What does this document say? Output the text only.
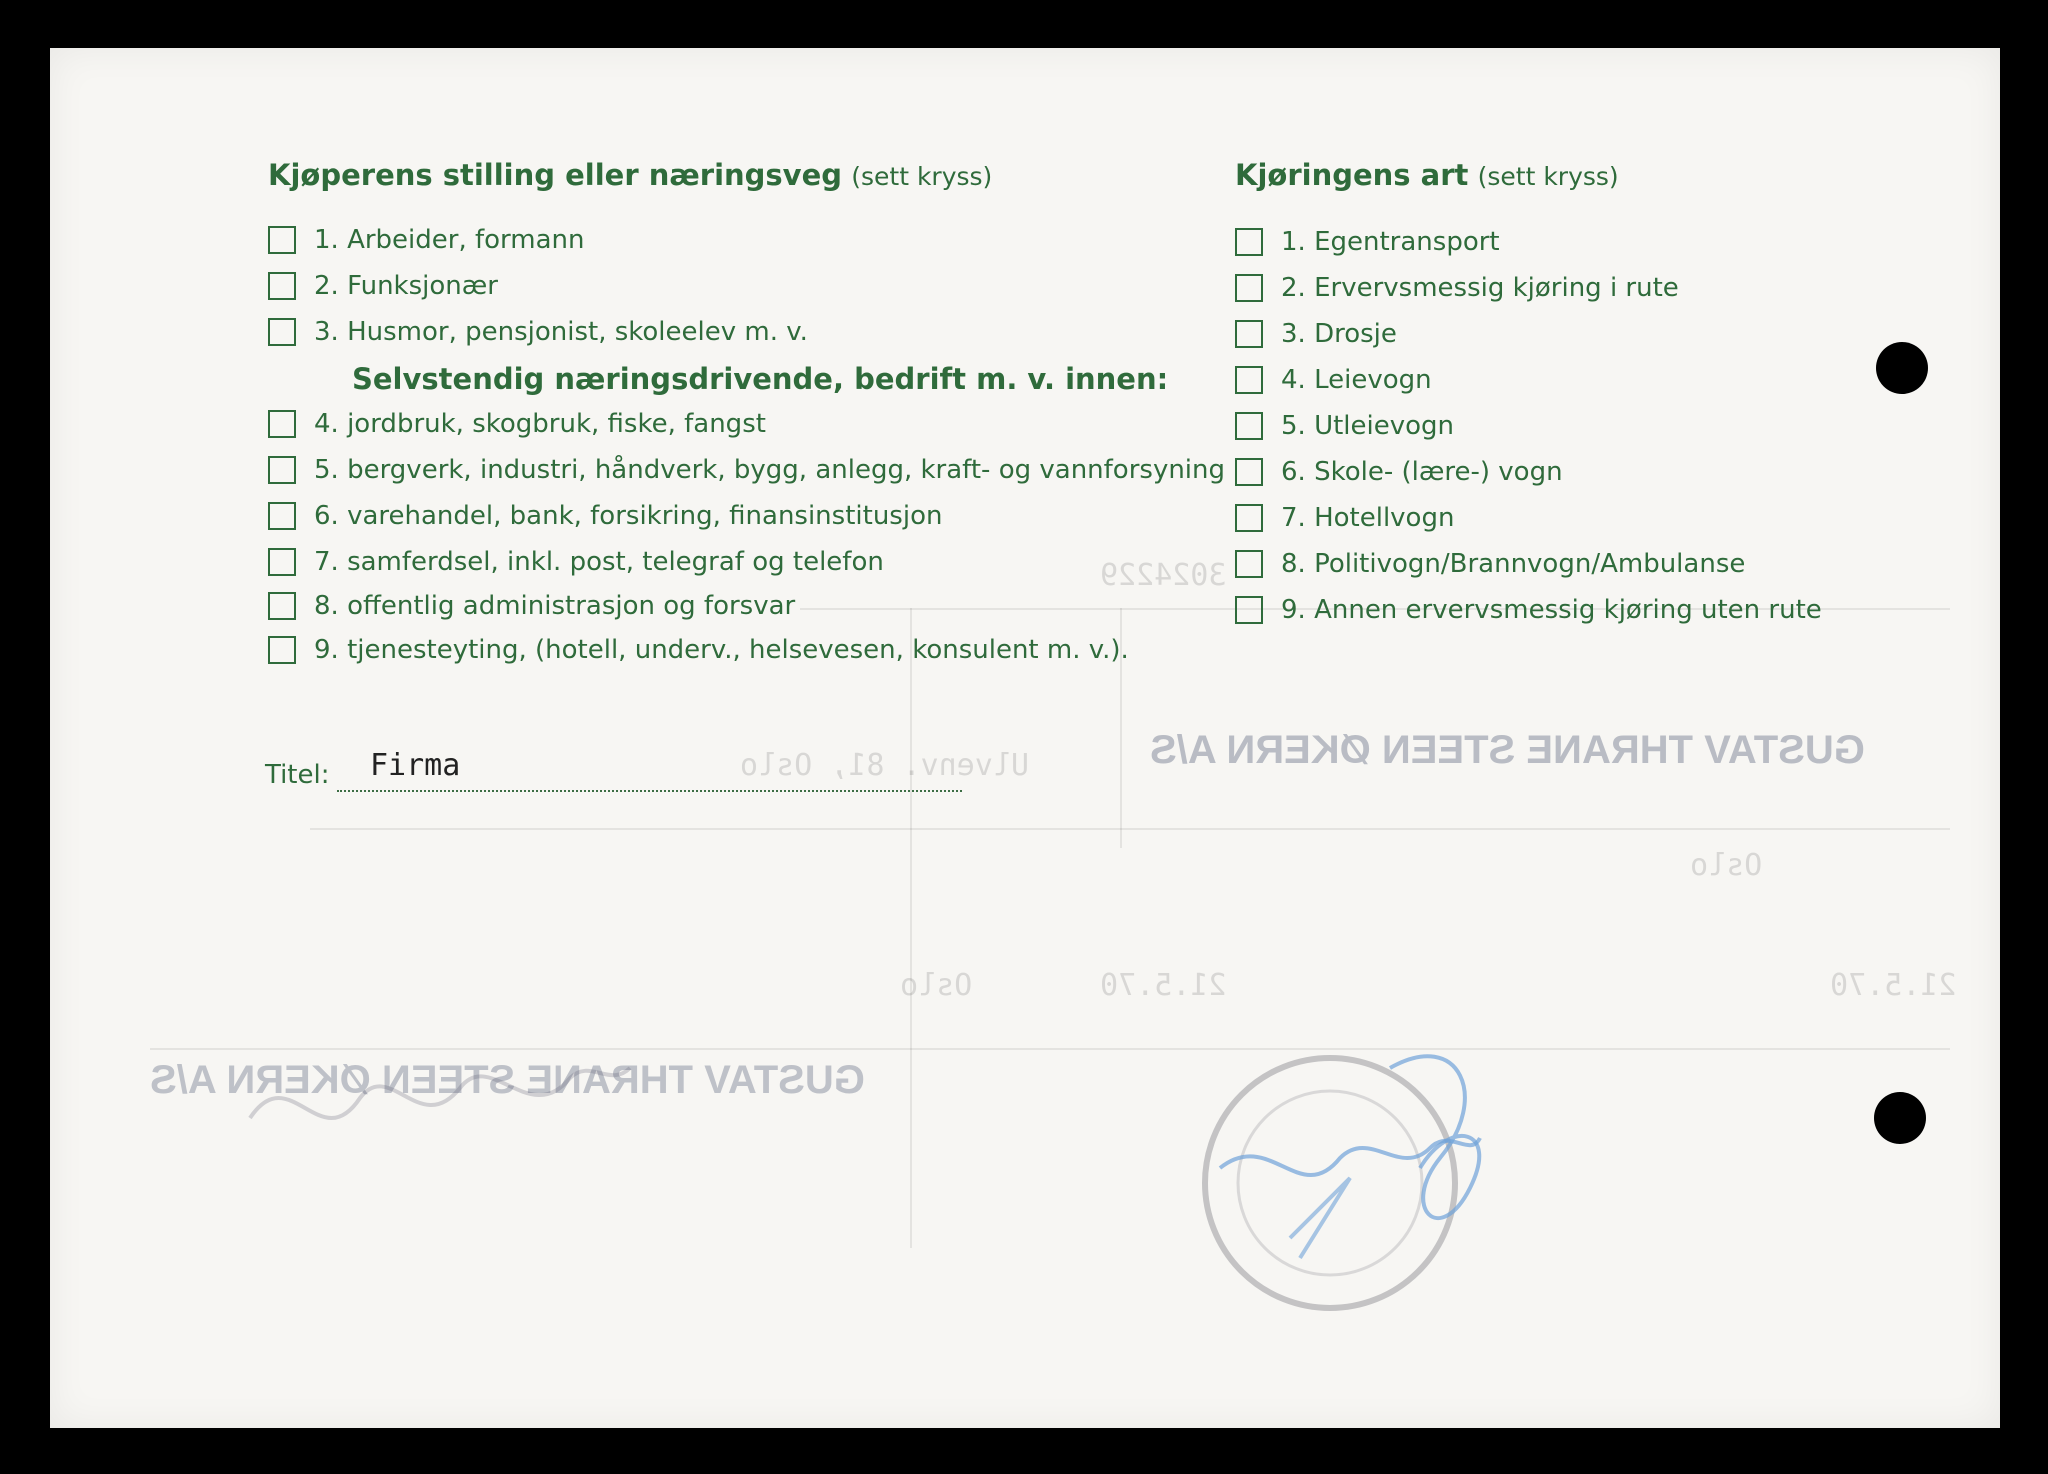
3024229
Ulvenv. 81, Oslo
Oslo
Oslo	21.5.70	21.5.70
GUSTAV THRANE STEEN ØKERN A/S
GUSTAV THRANE STEEN ØKERN A/S
Kjøperens stilling eller næringsveg (sett kryss)
1. Arbeider, formann
2. Funksjonær
3. Husmor, pensjonist, skoleelev m. v.
Selvstendig næringsdrivende, bedrift m. v. innen:
4. jordbruk, skogbruk, fiske, fangst
5. bergverk, industri, håndverk, bygg, anlegg, kraft- og vannforsyning
6. varehandel, bank, forsikring, finansinstitusjon
7. samferdsel, inkl. post, telegraf og telefon
8. offentlig administrasjon og forsvar
9. tjenesteyting, (hotell, underv., helsevesen, konsulent m. v.).
Titel: Firma
Kjøringens art (sett kryss)
1. Egentransport
2. Ervervsmessig kjøring i rute
3. Drosje
4. Leievogn
5. Utleievogn
6. Skole- (lære-) vogn
7. Hotellvogn
8. Politivogn/Brannvogn/Ambulanse
9. Annen ervervsmessig kjøring uten rute
